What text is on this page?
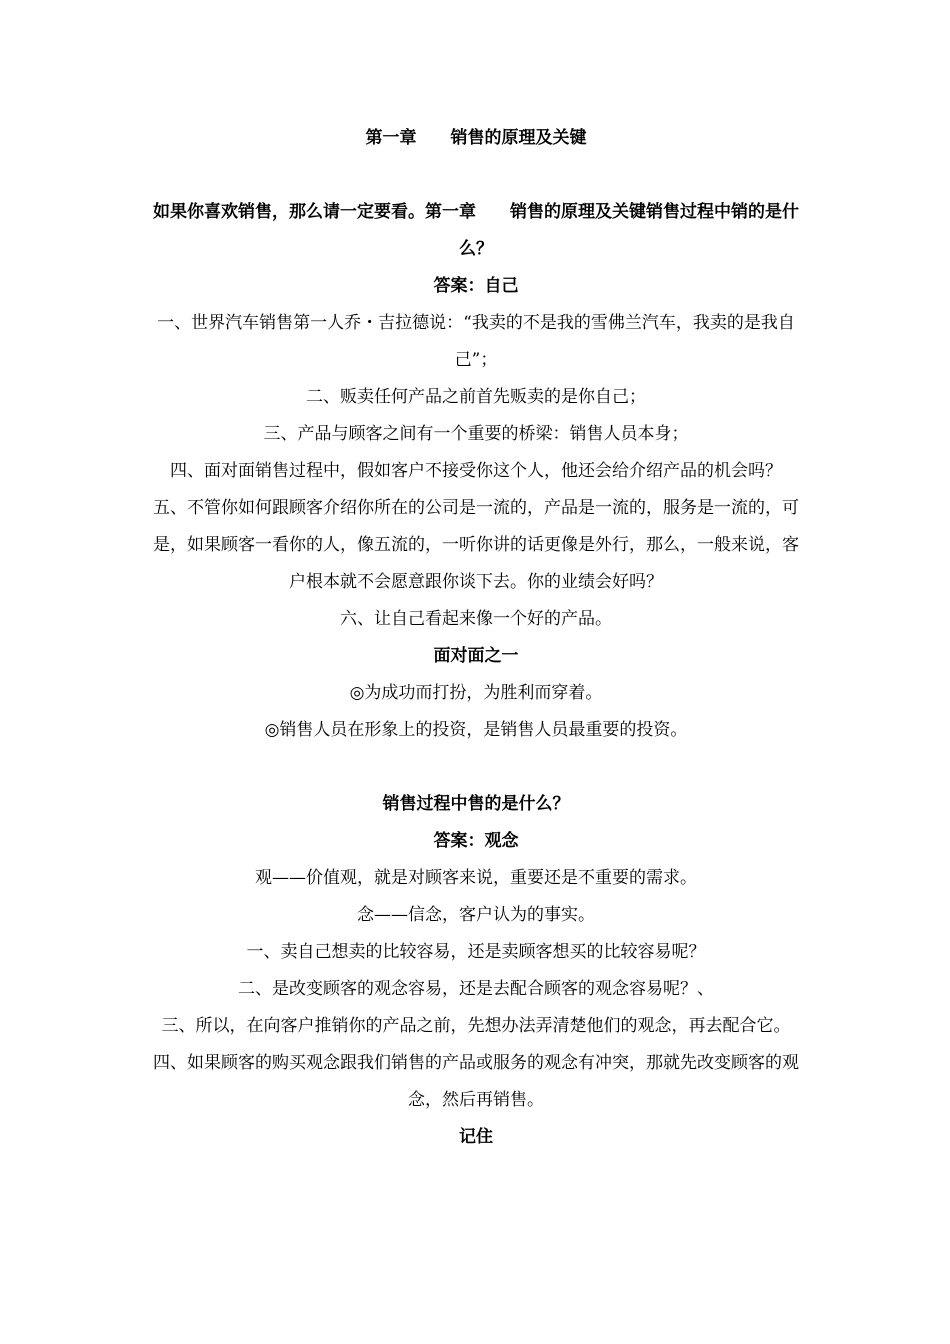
第一章　　销售的原理及关键

如果你喜欢销售，那么请一定要看。第一章　　销售的原理及关键销售过程中销的是什么？

答案：自己

一、世界汽车销售第一人乔・吉拉德说：“我卖的不是我的雪佛兰汽车，我卖的是我自己”；

二、贩卖任何产品之前首先贩卖的是你自己；

三、产品与顾客之间有一个重要的桥梁：销售人员本身；

四、面对面销售过程中，假如客户不接受你这个人，他还会给介绍产品的机会吗？

五、不管你如何跟顾客介绍你所在的公司是一流的，产品是一流的，服务是一流的，可是，如果顾客一看你的人，像五流的，一听你讲的话更像是外行，那么，一般来说，客户根本就不会愿意跟你谈下去。你的业绩会好吗？

六、让自己看起来像一个好的产品。

面对面之一

◎为成功而打扮，为胜利而穿着。

◎销售人员在形象上的投资，是销售人员最重要的投资。

销售过程中售的是什么？

答案：观念

观——价值观，就是对顾客来说，重要还是不重要的需求。

念——信念，客户认为的事实。

一、卖自己想卖的比较容易，还是卖顾客想买的比较容易呢？

二、是改变顾客的观念容易，还是去配合顾客的观念容易呢？、

三、所以，在向客户推销你的产品之前，先想办法弄清楚他们的观念，再去配合它。

四、如果顾客的购买观念跟我们销售的产品或服务的观念有冲突，那就先改变顾客的观念，然后再销售。

记住
